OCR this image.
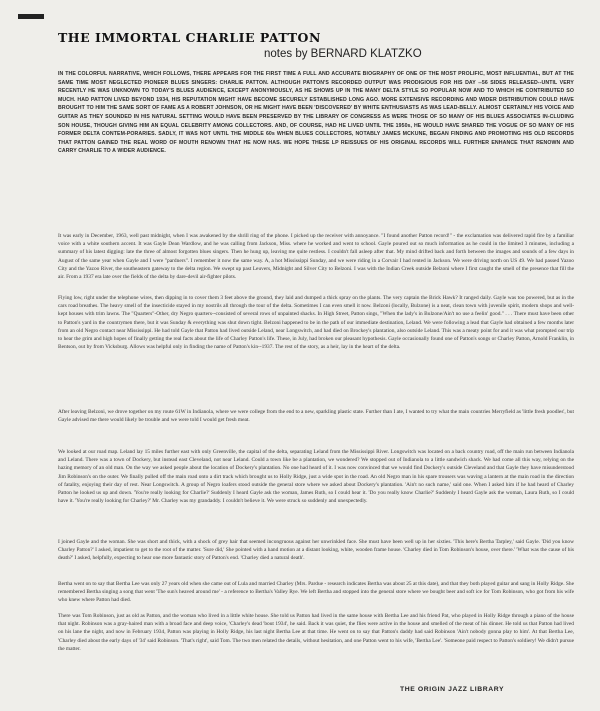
THE IMMORTAL CHARLIE PATTON
notes by BERNARD KLATZKO
IN THE COLORFUL NARRATIVE, WHICH FOLLOWS, THERE APPEARS FOR THE FIRST TIME A FULL AND ACCURATE BIOGRAPHY OF ONE OF THE MOST PROLIFIC, MOST INFLUENTIAL, BUT AT THE SAME TIME MOST NEGLECTED PIONEER BLUES SINGERS: CHARLIE PATTON. ALTHOUGH PATTON'S RECORDED OUTPUT WAS PRODIGIOUS FOR HIS DAY --56 SIDES RELEASED--UNTIL VERY RECENTLY HE WAS UNKNOWN TO TODAY'S BLUES AUDIENCE, EXCEPT ANONYMOUSLY, AS HE SHOWS UP IN THE MANY DELTA STYLE SO POPULAR NOW AND TO WHICH HE CONTRIBUTED SO MUCH. HAD PATTON LIVED BEYOND 1934, HIS REPUTATION MIGHT HAVE BECOME SECURELY ESTABLISHED LONG AGO. MORE EXTENSIVE RECORDING AND WIDER DISTRIBUTION COULD HAVE BROUGHT TO HIM THE SAME SORT OF FAME AS A ROBERT JOHNSON, OR HE MIGHT HAVE BEEN 'DISCOVERED' BY WHITE ENTHUSIASTS AS WAS LEAD-BELLY. ALMOST CERTAINLY HIS VOICE AND GUITAR AS THEY SOUNDED IN HIS NATURAL SETTING WOULD HAVE BEEN PRESERVED BY THE LIBRARY OF CONGRESS AS WERE THOSE OF SO MANY OF HIS BLUES ASSOCIATES IN-CLUDING SON HOUSE, THOUGH GIVING HIM AN EQUAL CELEBRITY AMONG COLLECTORS. AND, OF COURSE, HAD HE LIVED UNTIL THE 1950s, HE WOULD HAVE SHARED THE VOGUE OF SO MANY OF HIS FORMER DELTA CONTEM-PORARIES. SADLY, IT WAS NOT UNTIL THE MIDDLE 60s WHEN BLUES COLLECTORS, NOTABLY JAMES MCKUNE, BEGAN FINDING AND PROMOTING HIS OLD RECORDS THAT PATTON GAINED THE REAL WORD OF MOUTH RENOWN THAT HE NOW HAS. WE HOPE THESE LP REISSUES OF HIS ORIGINAL RECORDS WILL FURTHER ENHANCE THAT RENOWN AND CARRY CHARLIE TO A WIDER AUDIENCE.
It was early in December, 1963, well past midnight, when I was awakened by the shrill ring of the phone. I picked up the receiver with annoyance. "I found another Patton record!" - the exclamation was delivered rapid fire by a familiar voice with a white southern accent. It was Gayle Dean Wardlow, and he was calling from Jackson, Miss. where he worked and went to school. Gayle poured out so much information as he could in the limited 3 minutes, including a summary of his latest digging: late the three of almost forgotten blues singers. Then he hung up, leaving me quite restless. I couldn't fall asleep after that. My mind drifted back and forth between the images and sounds of a few days in August of the same year when Gayle and I were "pardners". I remember it now the same way. A, a hot Mississippi Sunday, and we were riding in a Corvair I had rented in Jackson. We were driving north on US 49. We had passed Yazoo City and the Yazoo River, the southeastern gateway to the delta region. We swept up past Leuvers, Midnight and Silver City to Belzoni. I was with the Indian Creek outside Belzoni where I first caught the smell of the presence that fill the air. From a 1937 era late over the fields of the delta by dare-devil air-fighter pilots.
Flying low, right under the telephone wires, then dipping in to cover them 3 feet above the ground, they laid and dumped a thick spray on the plants. The very captain the Brick Hawk? It ranged daily. Gayle was too powered, but as in the cars road breathes. The heavy smell of the insecticide stayed in my nostrils all through the tour of the delta. Sometimes I can even smell it now. Belzoni (locally, Bulzone) is a neat, clean town with juvenile spirit, modern shops and well-kept houses with trim lawns. The "Quarters"-Other, dry Negro quarters--consisted of several rows of unpainted shacks. In High Street, Patton sings, "When the lady's in Bulzone/Ain't no use a feelin' good." . . . There must have been other to Patton's yard in the countrymen there, but it was Sunday & everything was shut down tight. Belzoni happened to be in the path of our immediate destination, Leland. We were following a lead that Gayle had obtained a few months later from an old Negro contact near Mississippi. He had told Gayle that Patton had lived outside Leland, near Longswitch, and had died on Brockey's plantation, also outside Leland. This was a meaty point for and it was what prompted our trip to hear the grim and high hopes of finally getting the real facts about the life of Charley Patton's life. These, in July, had broken our pleasant hypothesis. Gayle occasionally found one of Patton's songs or Charley Patton, Arnold Franklin, in Bentson, out by from Vicksburg. Allows was helpful only in finding the name of Patton's kin--1937. The rest of the story, as a heir, lay in the heart of the delta.
After leaving Belzoni, we drove together on my route 61W in Indianola, where we were college from the end to a new, sparkling plastic state. Further than I ate, I wanted to try what the main countries Merryfield as 'little fresh poodles', but Gayle advised me there would likely be trouble and we were told I would get fresh meat.
We looked at our road map. Leland lay 15 miles further east with only Greenville, the capital of the delta, separating Leland from the Mississippi River. Longswitch was located on a back country road, off the main run between Indianola and Leland. There was a town of Dockery, but instead east Cleveland, not near Leland. Could a town like be a plantation, we wondered? We stopped out of Indianola to a little sandwich shack. We had come all this way, relying on the hazing memory of an old man. On the way we asked people about the location of Dockery's plantation. No one had heard of it. I was now convinced that we would find Dockery's outside Cleveland and that Gayle they have misunderstood Jim Robinson's on the outer. We finally pulled off the main road onto a dirt track which brought us to Holly Ridge, just a wide spot in the road. An old Negro man in his spare trousers was waving a lantern at the main road in the direction of fatality, enjoying their day of rest. Near Longswitch. A group of Negro loafers stood outside the general store where we asked about Dockery's plantation. 'Ain't no such name,' said one. When I asked him if he had heard of Charley Patton he looked us up and down. 'You're really looking for Charlie?' Suddenly I heard Gayle ask the woman, James Ruth, so I could hear it. 'Do you really know Charlie?' Suddenly I heard Gayle ask the woman, Laura Ruth, so I could have it. 'You're really looking for Charley?' Mr. Charley was my grandaddy. I couldn't believe it. We were struck so suddenly and unexpectedly.
I joined Gayle and the woman. She was short and thick, with a shock of grey hair that seemed incongruous against her unwrinkled face. She must have been well up in her sixties. 'This here's Bertha Tarpley,' said Gayle. 'Did you know Charley Patton?' I asked, impatient to get to the root of the matter. 'Sure did,' She pointed with a hand motion at a distant looking, white, wooden frame house. 'Charley died in Tom Robinson's house, over there.' 'What was the cause of his death?' I asked, helpfully, expecting to hear one more fantastic story of Patton's end. 'Charley died a natural death'.
Bertha went on to say that Bertha Lee was only 27 years old when she came out of Lula and married Charley (Mrs. Pardue - research indicates Bertha was about 25 at this date), and that they both played guitar and sang in Holly Ridge. She remembered Bertha singing a song that went 'The sun's heaved around me' - a reference to Bertha's Valley Rye. We left Bertha and stopped into the general store where we bought beer and soft ice for Tom Robinson, who got from his wife who knew where Patton had died.
There was Tom Robinson, just as old as Patton, and the woman who lived in a little white house. She told us Patton had lived in the same house with Bertha Lee and his friend Pat, who played in Holly Ridge through a piano of the house that night. Robinson was a gray-haired man with a broad face and deep voice, 'Charley's dead 'bout 1934', he said. Back it was quiet, the flies were active in the house and smelled of the meat of his dinner. He told us that Patton had lived on his lane the night, and now in February 1934, Patton was playing in Holly Ridge, his last night Bertha Lee at that time. He went on to say that Patton's daddy had said Robinson 'Ain't nobody gonna play to him'. At that Bertha Lee, 'Charley died about the early days of '34' said Robinson. 'That's right', said Tom. The two men related the details, without hesitation, and one Patton went to his wife, 'Bertha Lee'. 'Someone paid respect to Patton's soldiery! We didn't pursue the matter.
THE ORIGIN JAZZ LIBRARY
